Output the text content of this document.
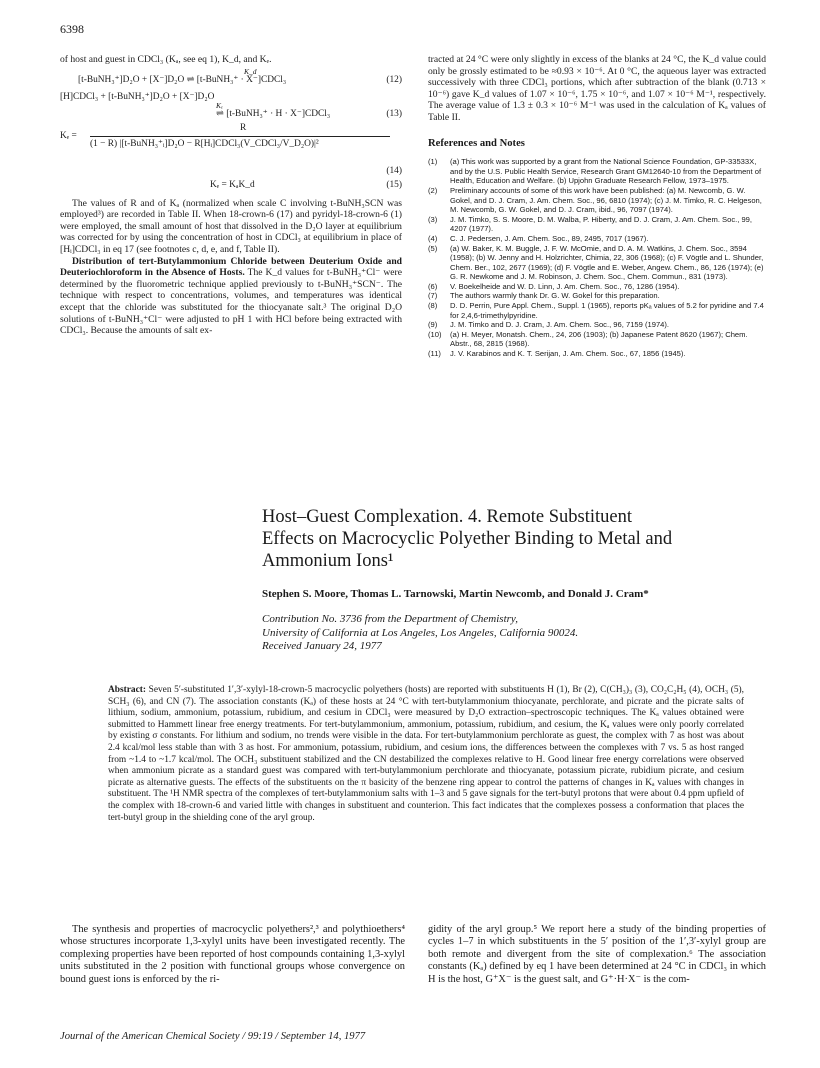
6398

of host and guest in CDCl₃ (Kₐ, see eq 1), K_d, and Kₑ.

[t-BuNH₃⁺]D₂O + [X⁻]D₂O ⇌ [t-BuNH₃⁺ · X⁻]CDCl₃
K_d
(12)
[H]CDCl₃ + [t-BuNH₃⁺]D₂O + [X⁻]D₂O
Kₑ
⇌ [t-BuNH₃⁺ · H · X⁻]CDCl₃	(13)
Kₑ =
R
(1 − R) |[t-BuNH₃⁺ᵢ]D₂O − R[Hᵢ]CDCl₃(V_CDCl₃/V_D₂O)|²
(14)
Kₑ = KₐK_d	(15)

The values of R and of Kₐ (normalized when scale C involving t-BuNH₃SCN was employed³) are recorded in Table II. When 18-crown-6 (17) and pyridyl-18-crown-6 (1) were employed, the small amount of host that dissolved in the D₂O layer at equilibrium was corrected for by using the concentration of host in CDCl₃ at equilibrium in place of [Hᵢ]CDCl₃ in eq 17 (see footnotes c, d, e, and f, Table II).

Distribution of tert-Butylammonium Chloride between Deuterium Oxide and Deuteriochloroform in the Absence of Hosts. The K_d values for t-BuNH₃⁺Cl⁻ were determined by the fluorometric technique applied previously to t-BuNH₃⁺SCN⁻. The technique with respect to concentrations, volumes, and temperatures was identical except that the chloride was substituted for the thiocyanate salt.³ The original D₂O solutions of t-BuNH₃⁺Cl⁻ were adjusted to pH 1 with HCl before being extracted with CDCl₃. Because the amounts of salt ex-

tracted at 24 °C were only slightly in excess of the blanks at 24 °C, the K_d value could only be grossly estimated to be ≈0.93 × 10⁻⁶. At 0 °C, the aqueous layer was extracted successively with three CDCl₃ portions, which after subtraction of the blank (0.713 × 10⁻⁶) gave K_d values of 1.07 × 10⁻⁶, 1.75 × 10⁻⁶, and 1.07 × 10⁻⁶ M⁻¹, respectively. The average value of 1.3 ± 0.3 × 10⁻⁶ M⁻¹ was used in the calculation of Kₐ values of Table II.

References and Notes
(1) (a) This work was supported by a grant from the National Science Foundation, GP-33533X, and by the U.S. Public Health Service, Research Grant GM12640-10 from the Department of Health, Education and Welfare. (b) Upjohn Graduate Research Fellow, 1973–1975.
(2) Preliminary accounts of some of this work have been published: (a) M. Newcomb, G. W. Gokel, and D. J. Cram, J. Am. Chem. Soc., 96, 6810 (1974); (c) J. M. Timko, R. C. Helgeson, M. Newcomb, G. W. Gokel, and D. J. Cram, ibid., 96, 7097 (1974).
(3) J. M. Timko, S. S. Moore, D. M. Walba, P. Hiberty, and D. J. Cram, J. Am. Chem. Soc., 99, 4207 (1977).
(4) C. J. Pedersen, J. Am. Chem. Soc., 89, 2495, 7017 (1967).
(5) (a) W. Baker, K. M. Buggle, J. F. W. McOmie, and D. A. M. Watkins, J. Chem. Soc., 3594 (1958); (b) W. Jenny and H. Holzrichter, Chimia, 22, 306 (1968); (c) F. Vögtle and L. Shunder, Chem. Ber., 102, 2677 (1969); (d) F. Vögtle and E. Weber, Angew. Chem., 86, 126 (1974); (e) G. R. Newkome and J. M. Robinson, J. Chem. Soc., Chem. Commun., 831 (1973).
(6) V. Boekelheide and W. D. Linn, J. Am. Chem. Soc., 76, 1286 (1954).
(7) The authors warmly thank Dr. G. W. Gokel for this preparation.
(8) D. D. Perrin, Pure Appl. Chem., Suppl. 1 (1965), reports pKₐ values of 5.2 for pyridine and 7.4 for 2,4,6-trimethylpyridine.
(9) J. M. Timko and D. J. Cram, J. Am. Chem. Soc., 96, 7159 (1974).
(10) (a) H. Meyer, Monatsh. Chem., 24, 206 (1903); (b) Japanese Patent 8620 (1967); Chem. Abstr., 68, 2815 (1968).
(11) J. V. Karabinos and K. T. Serijan, J. Am. Chem. Soc., 67, 1856 (1945).
Host–Guest Complexation. 4. Remote Substituent Effects on Macrocyclic Polyether Binding to Metal and Ammonium Ions¹
Stephen S. Moore, Thomas L. Tarnowski, Martin Newcomb, and Donald J. Cram*
Contribution No. 3736 from the Department of Chemistry,
University of California at Los Angeles, Los Angeles, California 90024.
Received January 24, 1977
Abstract: Seven 5′-substituted 1′,3′-xylyl-18-crown-5 macrocyclic polyethers (hosts) are reported with substituents H (1), Br (2), C(CH₃)₃ (3), CO₂C₂H₅ (4), OCH₃ (5), SCH₃ (6), and CN (7). The association constants (Kₐ) of these hosts at 24 °C with tert-butylammonium thiocyanate, perchlorate, and picrate and the picrate salts of lithium, sodium, ammonium, potassium, rubidium, and cesium in CDCl₃ were measured by D₂O extraction–spectroscopic techniques. The Kₐ values obtained were submitted to Hammett linear free energy treatments. For tert-butylammonium, ammonium, potassium, rubidium, and cesium, the Kₐ values were only poorly correlated by existing σ constants. For lithium and sodium, no trends were visible in the data. For tert-butylammonium perchlorate as guest, the complex with 7 as host was about 2.4 kcal/mol less stable than with 3 as host. For ammonium, potassium, rubidium, and cesium ions, the differences between the complexes with 7 vs. 5 as host ranged from ~1.4 to ~1.7 kcal/mol. The OCH₃ substituent stabilized and the CN destabilized the complexes relative to H. Good linear free energy correlations were observed when ammonium picrate as a standard guest was compared with tert-butylammonium perchlorate and thiocyanate, potassium picrate, rubidium picrate, and cesium picrate as alternative guests. The effects of the substituents on the π basicity of the benzene ring appear to control the patterns of changes in Kₐ values with changes in substituent. The ¹H NMR spectra of the complexes of tert-butylammonium salts with 1–3 and 5 gave signals for the tert-butyl protons that were about 0.4 ppm upfield of the complex with 18-crown-6 and varied little with changes in substituent and counterion. This fact indicates that the complexes possess a conformation that places the tert-butyl group in the shielding cone of the aryl group.

The synthesis and properties of macrocyclic polyethers²,³ and polythioethers⁴ whose structures incorporate 1,3-xylyl units have been investigated recently. The complexing properties have been reported of host compounds containing 1,3-xylyl units substituted in the 2 position with functional groups whose convergence on bound guest ions is enforced by the ri-

gidity of the aryl group.⁵ We report here a study of the binding properties of cycles 1–7 in which substituents in the 5′ position of the 1′,3′-xylyl group are both remote and divergent from the site of complexation.⁶ The association constants (Kₐ) defined by eq 1 have been determined at 24 °C in CDCl₃ in which H is the host, G⁺X⁻ is the guest salt, and G⁺·H·X⁻ is the com-

Journal of the American Chemical Society / 99:19 / September 14, 1977
